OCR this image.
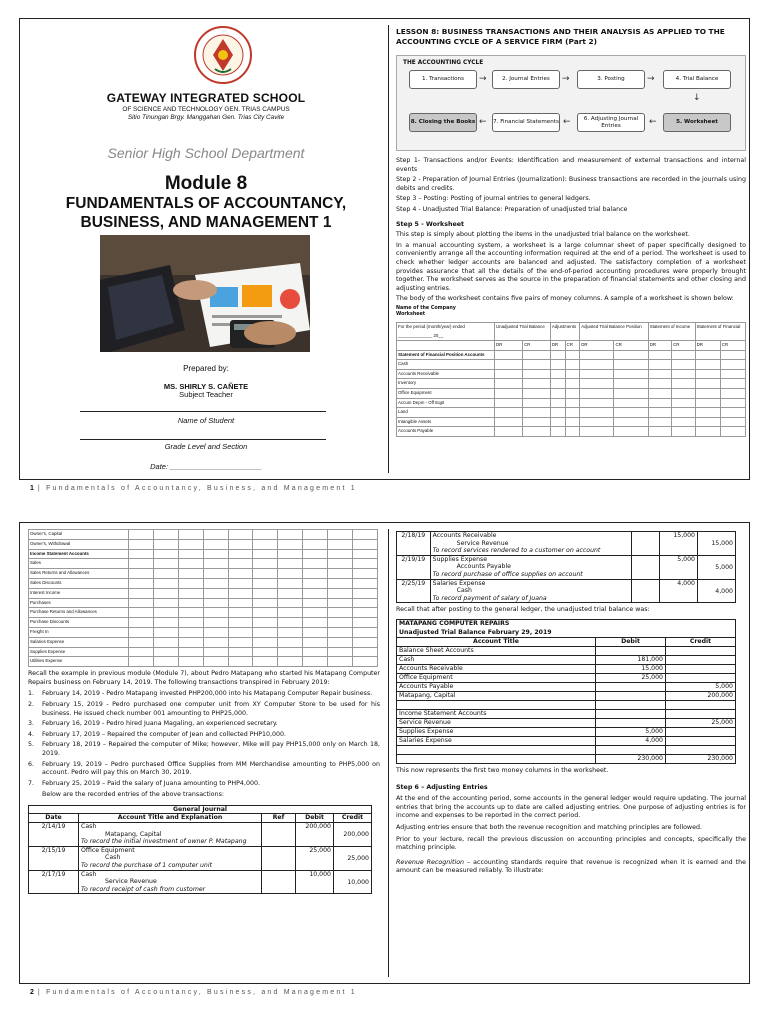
GATEWAY INTEGRATED SCHOOL
OF SCIENCE AND TECHNOLOGY GEN. TRIAS CAMPUS
Sitio Tinungan Brgy. Manggahan Gen. Trias City Cavite
Senior High School Department
Module 8
FUNDAMENTALS OF ACCOUNTANCY,
BUSINESS, AND MANAGEMENT 1
Prepared by:
MS. SHIRLY S. CAÑETE
Subject Teacher
Name of Student
Grade Level and Section
Date: ______________________
LESSON 8: BUSINESS TRANSACTIONS AND THEIR ANALYSIS AS APPLIED TO THE ACCOUNTING CYCLE OF A SERVICE FIRM (Part 2)
THE ACCOUNTING CYCLE
1. Transactions	→	2. Journal Entries	→	3. Posting	→	4. Trial Balance
↓
5. Worksheet
←
6. Adjusting Journal Entries
←
7. Financial Statements
←
8. Closing the Books

Step 1- Transactions and/or Events: Identification and measurement of external transactions and internal events

Step 2 - Preparation of Journal Entries (Journalization): Business transactions are recorded in the journals using debits and credits.

Step 3 – Posting: Posting of journal entries to general ledgers.

Step 4 - Unadjusted Trial Balance: Preparation of unadjusted trial balance

Step 5 - Worksheet

This step is simply about plotting the items in the unadjusted trial balance on the worksheet.

In a manual accounting system, a worksheet is a large columnar sheet of paper specifically designed to conveniently arrange all the accounting information required at the end of a period. The worksheet is used to check whether ledger accounts are balanced and adjusted. The satisfactory completion of a worksheet provides assurance that all the details of the end-of-period accounting procedures were properly brought together. The worksheet serves as the source in the preparation of financial statements and other closing and adjusting entries.

The body of the worksheet contains five pairs of money columns. A sample of a worksheet is shown below:

Name of the Company
Worksheet
For the period (month/year) ended ______________ 20__	Unadjusted Trial Balance		Adjustments		Adjusted Trial Balance Position		Statement of Income		Statement of Financial	
	DR	CR	DR	CR	DR	CR	DR	CR	DR	CR
Statement of Financial Position Accounts										
Cash										
Accounts Receivable										
Inventory										
Office Equipment										
Accum Depm - Off Eqpt										
Land										
Intangible Assets										
Accounts Payable										
1 | Fundamentals of Accountancy, Business, and Management 1
Owner's, Capital										
Owner's, Withdrawal										
Income Statement Accounts										
Sales										
Sales Returns and Allowances										
Sales Discounts										
Interest Income										
Purchases										
Purchase Returns and Allowances										
Purchase Discounts										
Freight In										
Salaries Expense										
Supplies Expense										
Utilities Expense										

Recall the example in previous module (Module 7), about Pedro Matapang who started his Matapang Computer Repairs business on February 14, 2019. The following transactions transpired in February 2019:

1. February 14, 2019 - Pedro Matapang invested PHP200,000 into his Matapang Computer Repair business.
2. February 15, 2019 - Pedro purchased one computer unit from XY Computer Store to be used for his business. He issued check number 001 amounting to PHP25,000.
3. February 16, 2019 - Pedro hired Juana Magaling, an experienced secretary.
4. February 17, 2019 – Repaired the computer of Jean and collected PHP10,000.
5. February 18, 2019 – Repaired the computer of Mike; however, Mike will pay PHP15,000 only on March 18, 2019.
6. February 19, 2019 – Pedro purchased Office Supplies from MM Merchandise amounting to PHP5,000 on account. Pedro will pay this on March 30, 2019.
7. February 25, 2019 – Paid the salary of Juana amounting to PHP4,000.

Below are the recorded entries of the above transactions:

General Journal				
Date	Account Title and Explanation	Ref	Debit	Credit
2/14/19	Cash
Matapang, Capital
To record the initial investment of owner P. Matapang		200,000	200,000

2/15/19	Office Equipment
Cash
To record the purchase of 1 computer unit		25,000	25,000

2/17/19	Cash
Service Revenue
To record receipt of cash from customer		10,000	10,000
2/18/19	Accounts Receivable
Service Revenue
To record services rendered to a customer on account		15,000	15,000

2/19/19	Supplies Expense
Accounts Payable
To record purchase of office supplies on account		5,000	5,000

2/25/19	Salaries Expense
Cash
To record payment of salary of Juana		4,000	4,000

Recall that after posting to the general ledger, the unadjusted trial balance was:

MATAPANG COMPUTER REPAIRS		
Unadjusted Trial Balance February 29, 2019		
Account Title	Debit	Credit
Balance Sheet Accounts		
Cash	181,000	
Accounts Receivable	15,000	
Office Equipment	25,000	
Accounts Payable		5,000
Matapang, Capital		200,000

Income Statement Accounts		
Service Revenue		25,000
Supplies Expense	5,000	
Salaries Expense	4,000	

	230,000	230,000

This now represents the first two money columns in the worksheet.

Step 6 – Adjusting Entries

At the end of the accounting period, some accounts in the general ledger would require updating. The journal entries that bring the accounts up to date are called adjusting entries. One purpose of adjusting entries is for income and expenses to be reported in the correct period.

Adjusting entries ensure that both the revenue recognition and matching principles are followed.

Prior to your lecture, recall the previous discussion on accounting principles and concepts, specifically the matching principle.

Revenue Recognition – accounting standards require that revenue is recognized when it is earned and the amount can be measured reliably. To illustrate:

2 | Fundamentals of Accountancy, Business, and Management 1
